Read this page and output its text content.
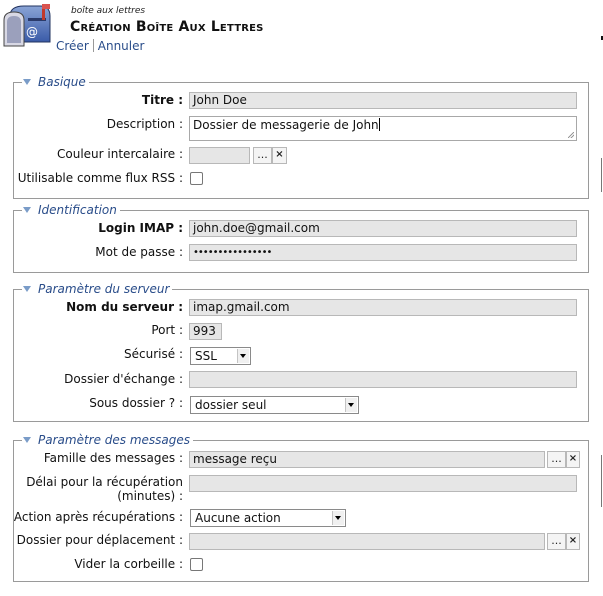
@
boîte aux lettres
Création Boîte Aux Lettres
Créer Annuler
Basique
Titre : John Doe
Description : Dossier de messagerie de John
Couleur intercalaire :	... ×
Utilisable comme flux RSS :
Identification
Login IMAP : john.doe@gmail.com
Mot de passe :	••••••••••••••••
Paramètre du serveur
Nom du serveur : imap.gmail.com
Port : 993
Sécurisé :	SSL
Dossier d'échange :
Sous dossier ? :	dossier seul
Paramètre des messages
Famille des messages : message reçu	... ×
Délai pour la récupération (minutes) :
Action après récupérations :	Aucune action
Dossier pour déplacement :	... ×
Vider la corbeille :
